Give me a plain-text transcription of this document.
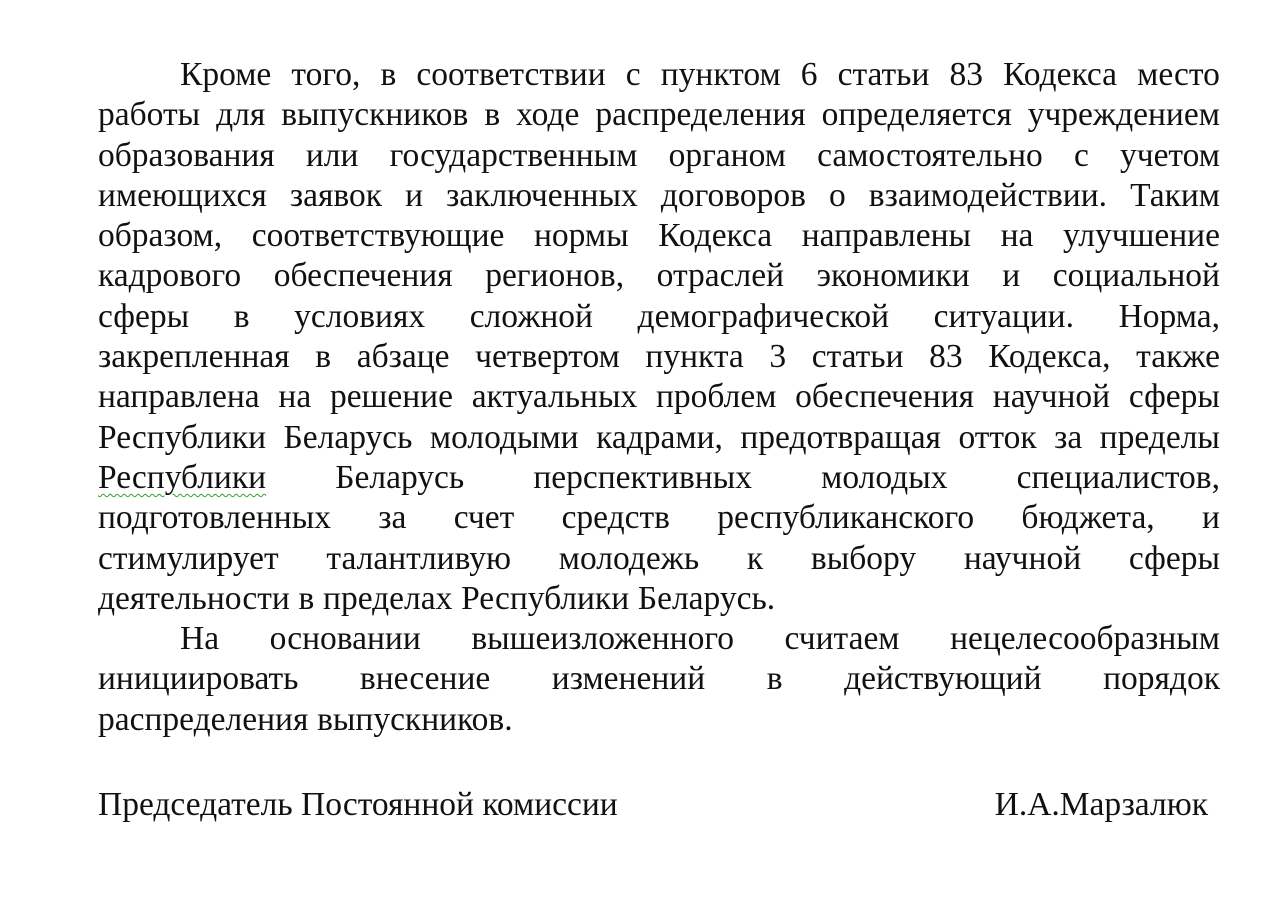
Кроме того, в соответствии с пунктом 6 статьи 83 Кодекса место
работы для выпускников в ходе распределения определяется учреждением
образования или государственным органом самостоятельно с учетом
имеющихся заявок и заключенных договоров о взаимодействии. Таким
образом, соответствующие нормы Кодекса направлены на улучшение
кадрового обеспечения регионов, отраслей экономики и социальной
сферы в условиях сложной демографической ситуации. Норма,
закрепленная в абзаце четвертом пункта 3 статьи 83 Кодекса, также
направлена на решение актуальных проблем обеспечения научной сферы
Республики Беларусь молодыми кадрами, предотвращая отток за пределы
Республики Беларусь перспективных молодых специалистов,
подготовленных за счет средств республиканского бюджета, и
стимулирует талантливую молодежь к выбору научной сферы
деятельности в пределах Республики Беларусь.
На основании вышеизложенного считаем нецелесообразным
инициировать внесение изменений в действующий порядок
распределения выпускников.
Председатель Постоянной комиссии	И.А.Марзалюк
